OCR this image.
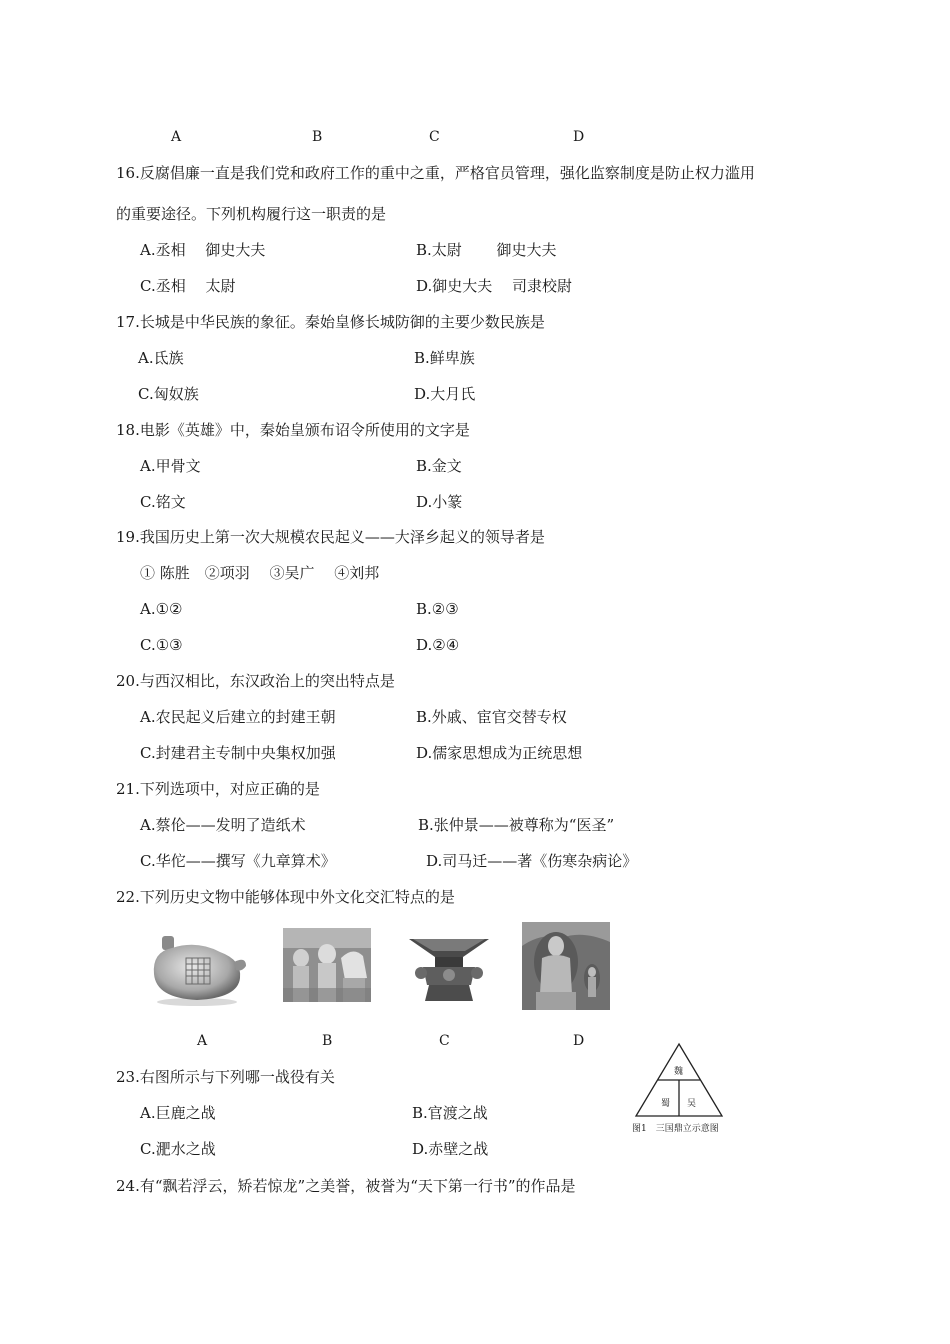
A	B	C	D
16.反腐倡廉一直是我们党和政府工作的重中之重，严格官员管理，强化监察制度是防止权力滥用
的重要途径。下列机构履行这一职责的是
A.丞相　 御史大夫	B.太尉　　 御史大夫
C.丞相　 太尉	D.御史大夫　 司隶校尉
17.长城是中华民族的象征。秦始皇修长城防御的主要少数民族是
A.氐族	B.鲜卑族
C.匈奴族	D.大月氏
18.电影《英雄》中，秦始皇颁布诏令所使用的文字是
A.甲骨文	B.金文
C.铭文	D.小篆
19.我国历史上第一次大规模农民起义——大泽乡起义的领导者是
① 陈胜　②项羽　 ③吴广　 ④刘邦
A.①②	B.②③
C.①③	D.②④
20.与西汉相比，东汉政治上的突出特点是
A.农民起义后建立的封建王朝	B.外戚、宦官交替专权
C.封建君主专制中央集权加强	D.儒家思想成为正统思想
21.下列选项中，对应正确的是
A.蔡伦——发明了造纸术	B.张仲景——被尊称为“医圣”
C.华佗——撰写《九章算术》	D.司马迁——著《伤寒杂病论》
22.下列历史文物中能够体现中外文化交汇特点的是
A	B	C	D
23.右图所示与下列哪一战役有关
A.巨鹿之战	B.官渡之战
C.淝水之战	D.赤壁之战
魏
蜀 吴
图1　三国鼎立示意图
24.有“飘若浮云，矫若惊龙”之美誉，被誉为“天下第一行书”的作品是
